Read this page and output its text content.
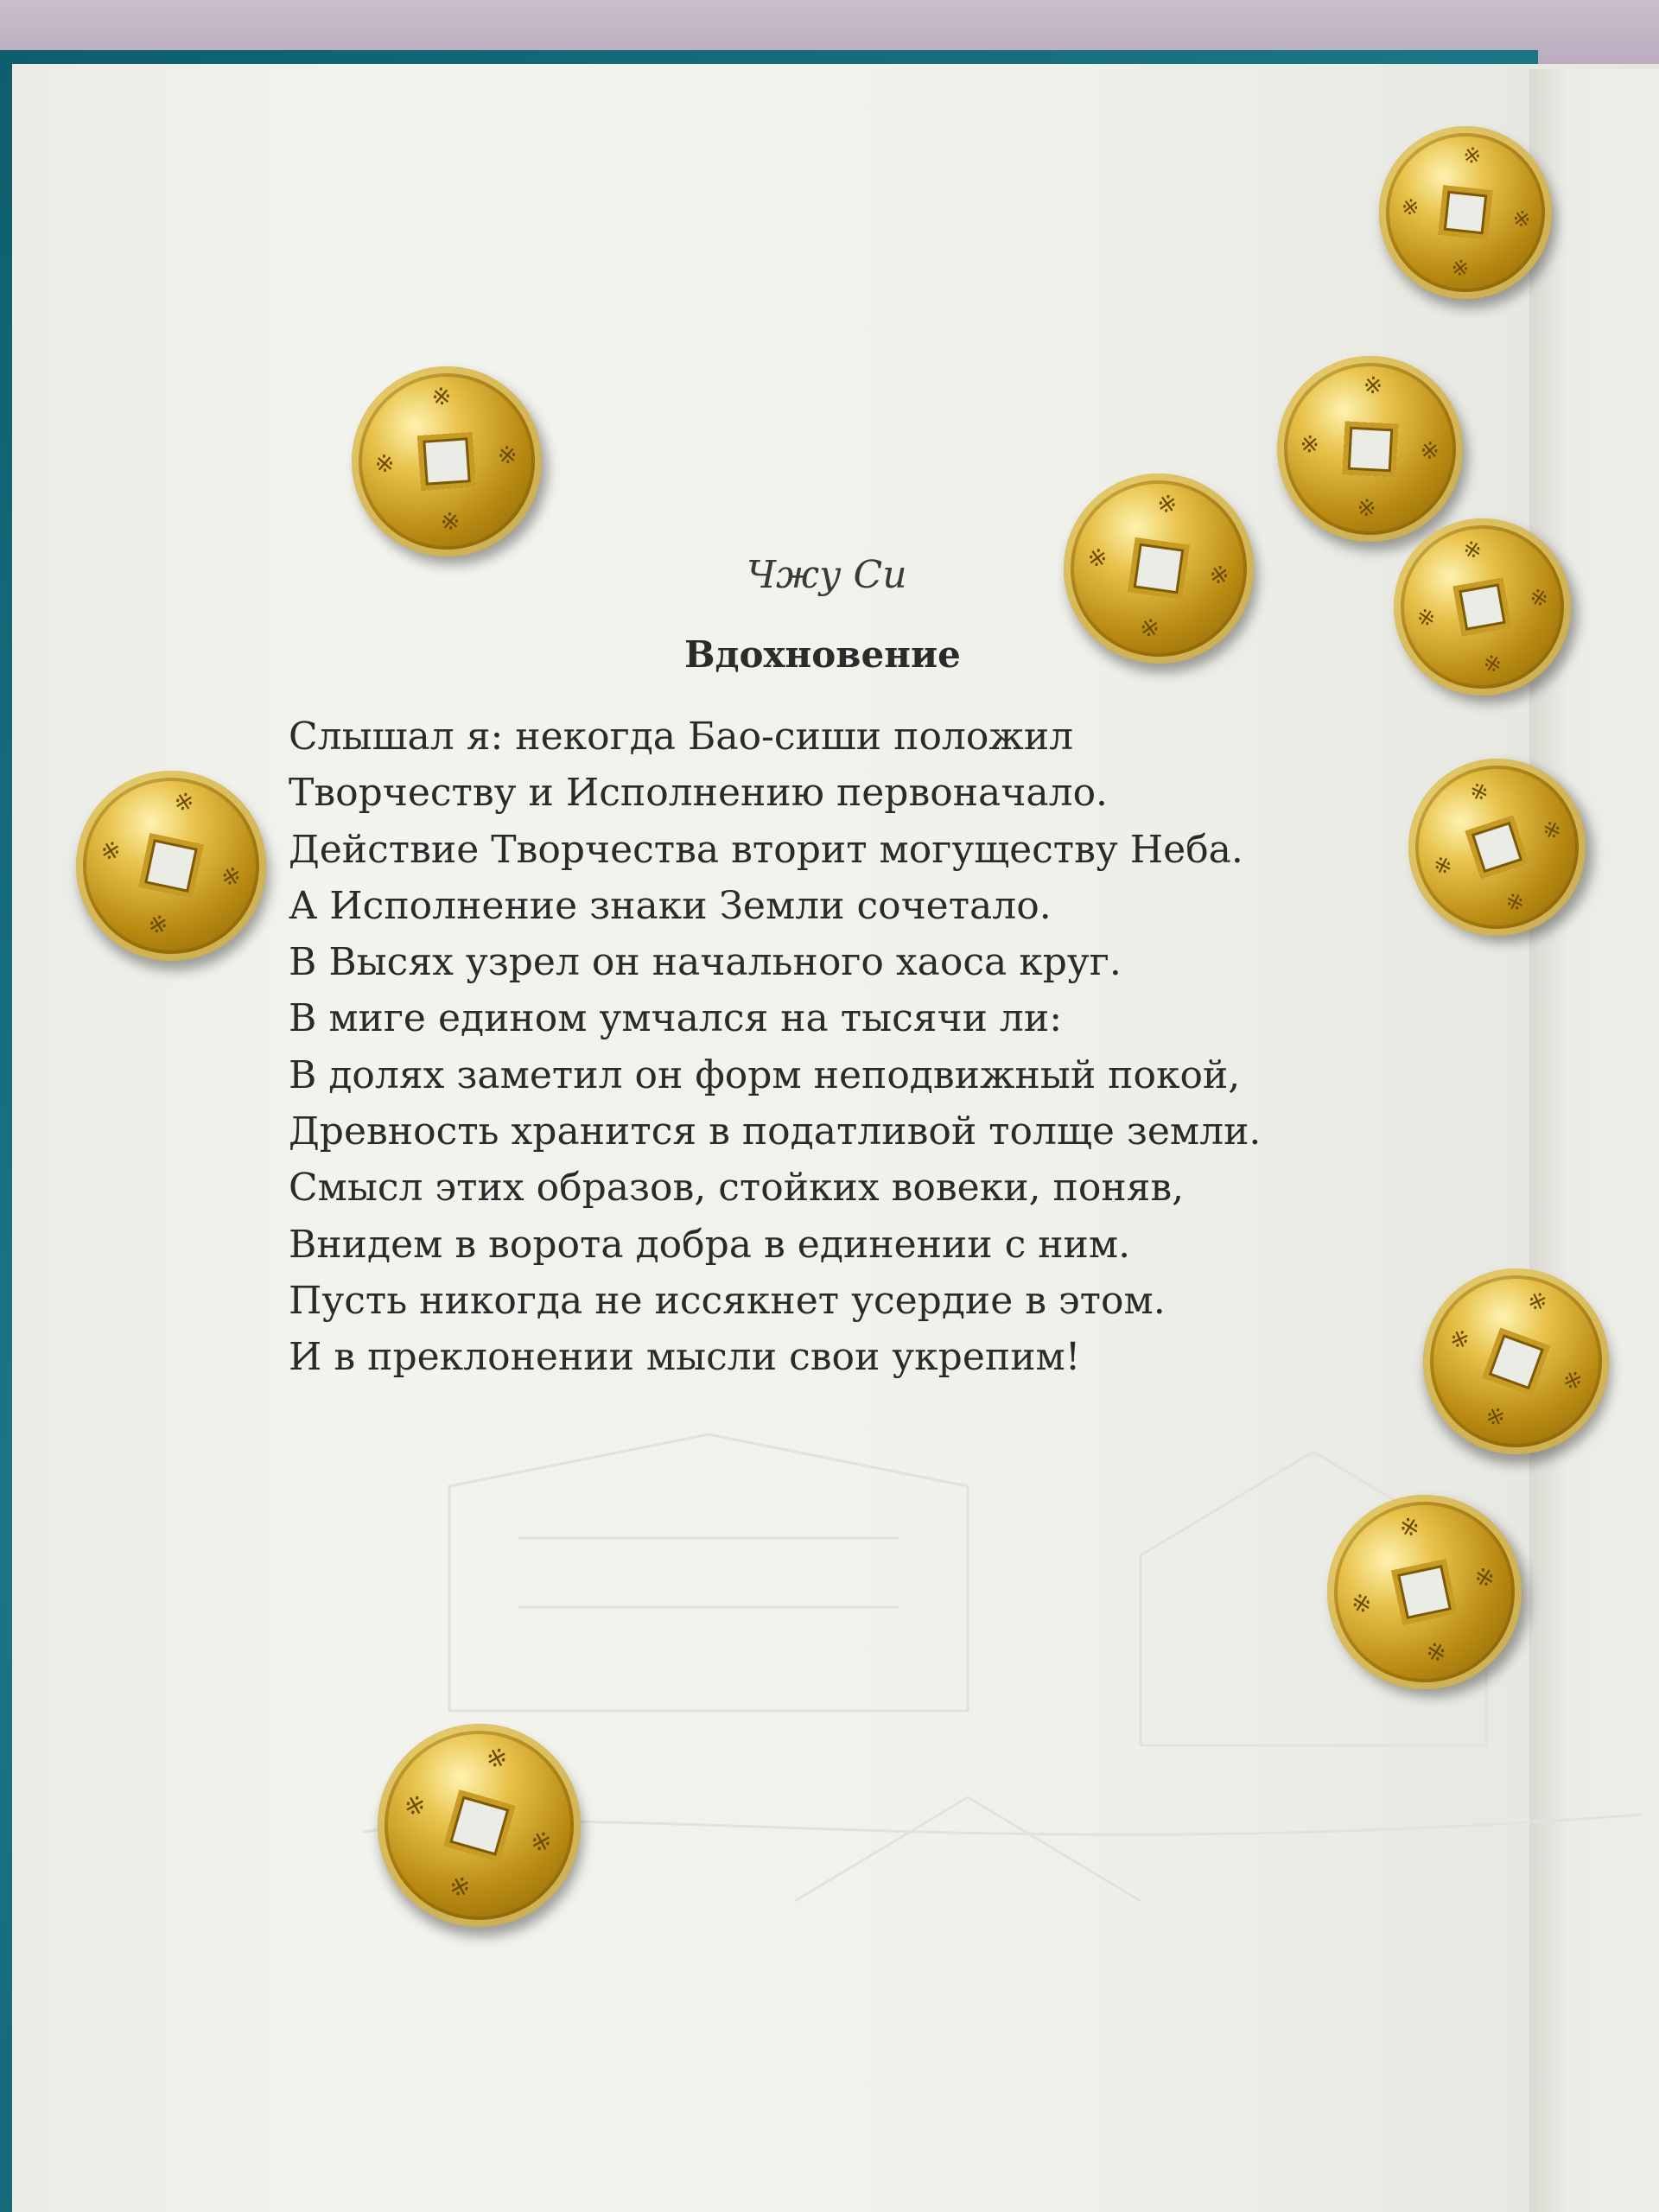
Чжу Си
Вдохновение
Слышал я: некогда Бао-сиши положил
Творчеству и Исполнению первоначало.
Действие Творчества вторит могуществу Неба.
А Исполнение знаки Земли сочетало.
В Высях узрел он начального хаоса круг.
В миге едином умчался на тысячи ли:
В долях заметил он форм неподвижный покой,
Древность хранится в податливой толще земли.
Смысл этих образов, стойких вовеки, поняв,
Внидем в ворота добра в единении с ним.
Пусть никогда не иссякнет усердие в этом.
И в преклонении мысли свои укрепим!
※
※
※	※
※
※
※	※
※
※
※	※
※
※
※
※
※
※
※
※
※
※
※
※
※
※
※
※
※
※
※
※
※
※
※
※
※
※
※
※
